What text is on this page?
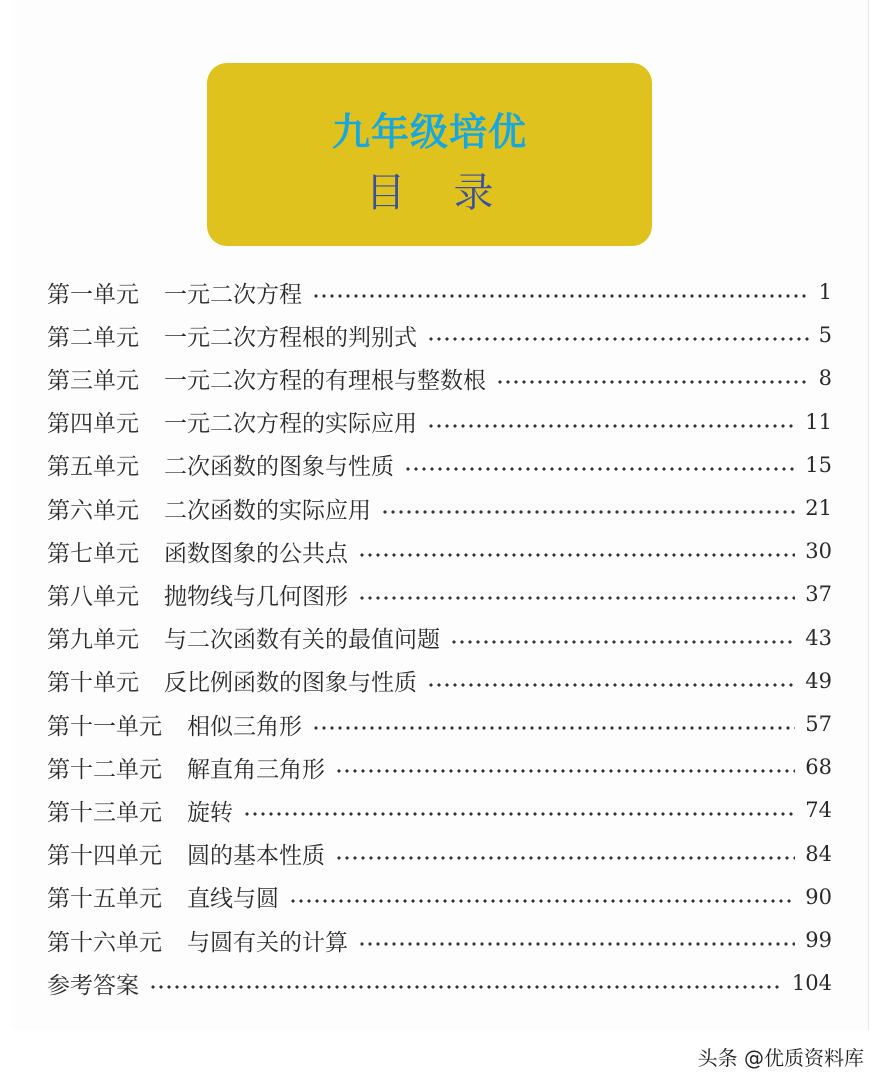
九年级培优
目录
第一单元 一元二次方程	1
第二单元 一元二次方程根的判别式	5
第三单元 一元二次方程的有理根与整数根	8
第四单元 一元二次方程的实际应用	11
第五单元 二次函数的图象与性质	15
第六单元 二次函数的实际应用	21
第七单元 函数图象的公共点	30
第八单元 抛物线与几何图形	37
第九单元 与二次函数有关的最值问题	43
第十单元 反比例函数的图象与性质	49
第十一单元 相似三角形	57
第十二单元 解直角三角形	68
第十三单元 旋转	74
第十四单元 圆的基本性质	84
第十五单元 直线与圆	90
第十六单元 与圆有关的计算	99
参考答案	104
头条 @优质资料库
